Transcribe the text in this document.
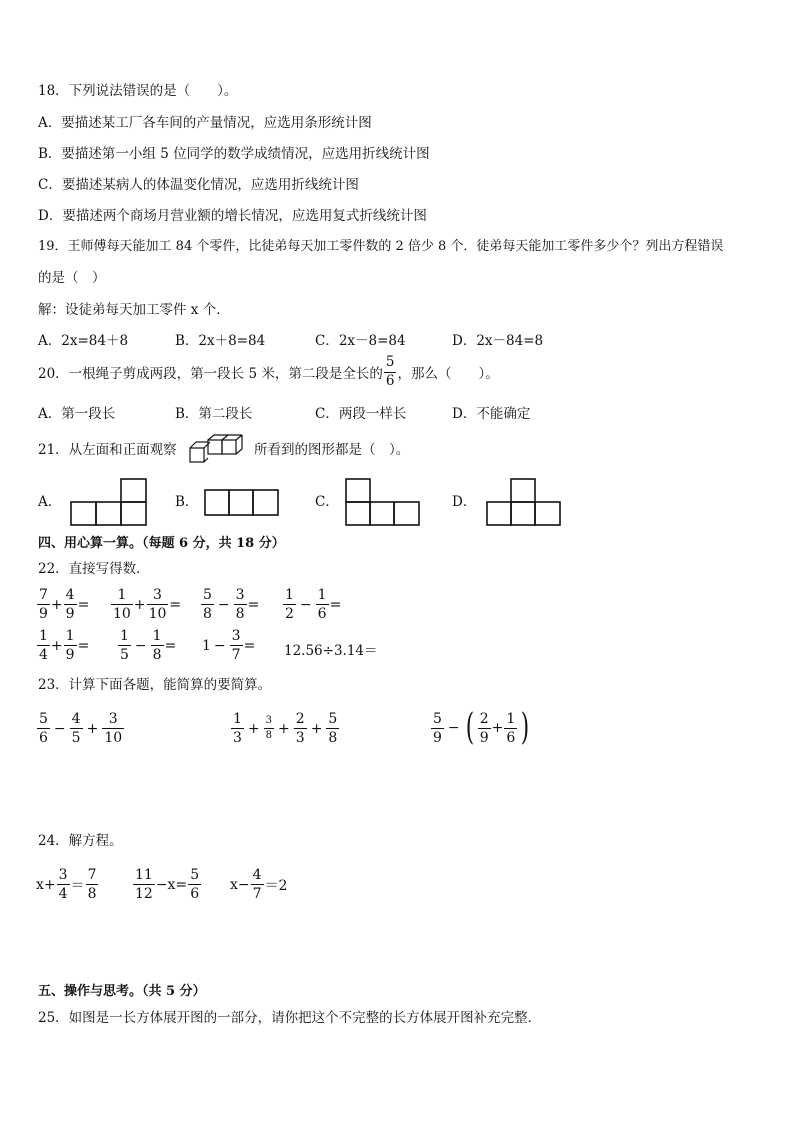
18．下列说法错误的是（　　）。
A．要描述某工厂各车间的产量情况，应选用条形统计图
B．要描述第一小组 5 位同学的数学成绩情况，应选用折线统计图
C．要描述某病人的体温变化情况，应选用折线统计图
D．要描述两个商场月营业额的增长情况，应选用复式折线统计图
19．王师傅每天能加工 84 个零件，比徒弟每天加工零件数的 2 倍少 8 个．徒弟每天能加工零件多少个？列出方程错误
的是（　）
解：设徒弟每天加工零件 x 个．
A．2x=84＋8	B．2x＋8=84	C．2x－8=84	D．2x－84=8
20．一根绳子剪成两段，第一段长 5 米，第二段是全长的 $\frac{5}{6}$ ，那么（　　）。
A．第一段长	B．第二段长	C．两段一样长	D．不能确定
21．从左面和正面观察	所看到的图形都是（　）。
A．	B．	C．	D．
四、用心算一算。（每题 6 分，共 18 分）
22．直接写得数．
$\frac{7}{9} + \frac{4}{9} = \frac{1}{10} + \frac{3}{10} = \frac{5}{8} - \frac{3}{8} = \frac{1}{2} - \frac{1}{6}$ =
$\frac{1}{4} + \frac{1}{9} = \frac{1}{5} - \frac{1}{8} = 1 - \frac{3}{7} = 12.56\div 3.14=$
23．计算下面各题，能简算的要简算。
$\frac{5}{6} - \frac{4}{5} + \frac{3}{10}$	$\frac{1}{3} + \frac{3}{8} + \frac{2}{3} + \frac{5}{8}$	$\frac{5}{9}$ − ( $\frac{2}{9} + \frac{1}{6}$ )
24．解方程。
$x+ \frac{3}{4} = \frac{7}{8} \frac{11}{12} -x= \frac{5}{6} x- \frac{4}{7} =2$
五、操作与思考。（共 5 分）
25．如图是一长方体展开图的一部分，请你把这个不完整的长方体展开图补充完整．
